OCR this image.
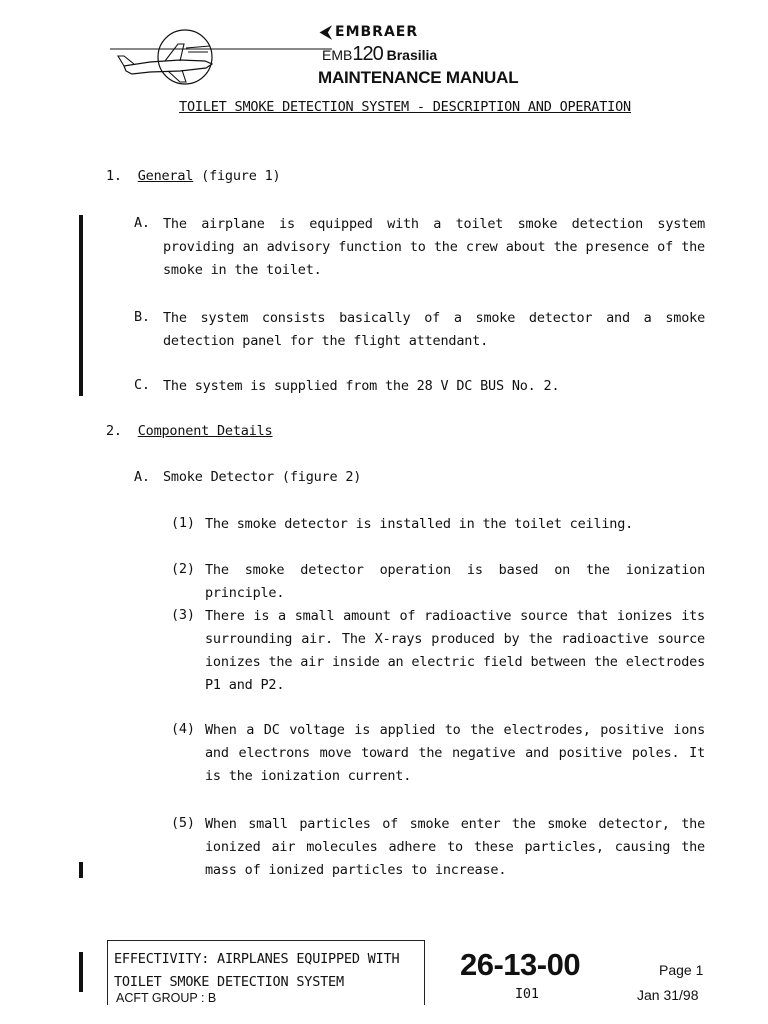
⮜ EMBRAER
EMB120 Brasilia
MAINTENANCE MANUAL
TOILET SMOKE DETECTION SYSTEM - DESCRIPTION AND OPERATION
1. General (figure 1)
A. The airplane is equipped with a toilet smoke detection system providing an advisory function to the crew about the presence of the smoke in the toilet.
B. The system consists basically of a smoke detector and a smoke detection panel for the flight attendant.
C. The system is supplied from the 28 V DC BUS No. 2.
2. Component Details
A. Smoke Detector (figure 2)
(1) The smoke detector is installed in the toilet ceiling.
(2) The smoke detector operation is based on the ionization principle.
(3) There is a small amount of radioactive source that ionizes its surrounding air. The X-rays produced by the radioactive source ionizes the air inside an electric field between the electrodes P1 and P2.
(4) When a DC voltage is applied to the electrodes, positive ions and electrons move toward the negative and positive poles. It is the ionization current.
(5) When small particles of smoke enter the smoke detector, the ionized air molecules adhere to these particles, causing the mass of ionized particles to increase.
EFFECTIVITY: AIRPLANES EQUIPPED WITH
TOILET SMOKE DETECTION SYSTEM
ACFT GROUP : B
26-13-00
I01
Page 1
Jan 31/98
